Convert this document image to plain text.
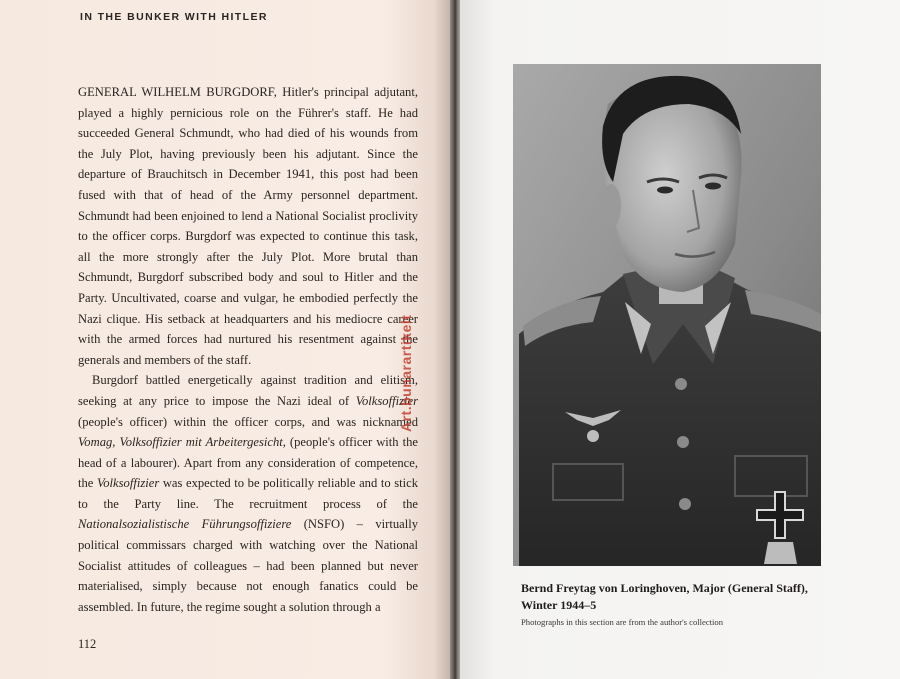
IN THE BUNKER WITH HITLER

GENERAL WILHELM BURGDORF, Hitler's principal adjutant, played a highly pernicious role on the Führer's staff. He had succeeded General Schmundt, who had died of his wounds from the July Plot, having previously been his adjutant. Since the departure of Brauchitsch in December 1941, this post had been fused with that of head of the Army personnel department. Schmundt had been enjoined to lend a National Socialist proclivity to the officer corps. Burgdorf was expected to continue this task, all the more strongly after the July Plot. More brutal than Schmundt, Burgdorf subscribed body and soul to Hitler and the Party. Uncultivated, coarse and vulgar, he embodied perfectly the Nazi clique. His setback at headquarters and his mediocre career with the armed forces had nurtured his resentment against the generals and members of the staff.

Burgdorf battled energetically against tradition and elitism, seeking at any price to impose the Nazi ideal of Volksoffizier (people's officer) within the officer corps, and was nicknamed Vomag, Volksoffizier mit Arbeitergesicht, (people's officer with the head of a labourer). Apart from any consideration of competence, the Volksoffizier was expected to be politically reliable and to stick to the Party line. The recruitment process of the Nationalsozialistische Führungsoffiziere (NSFO) – virtually political commissars charged with watching over the National Socialist attitudes of colleagues – had been planned but never materialised, simply because not enough fanatics could be assembled. In future, the regime sought a solution through a

112
Art.bunarartikelt
Bernd Freytag von Loringhoven, Major (General Staff), Winter 1944–5
Photographs in this section are from the author's collection
